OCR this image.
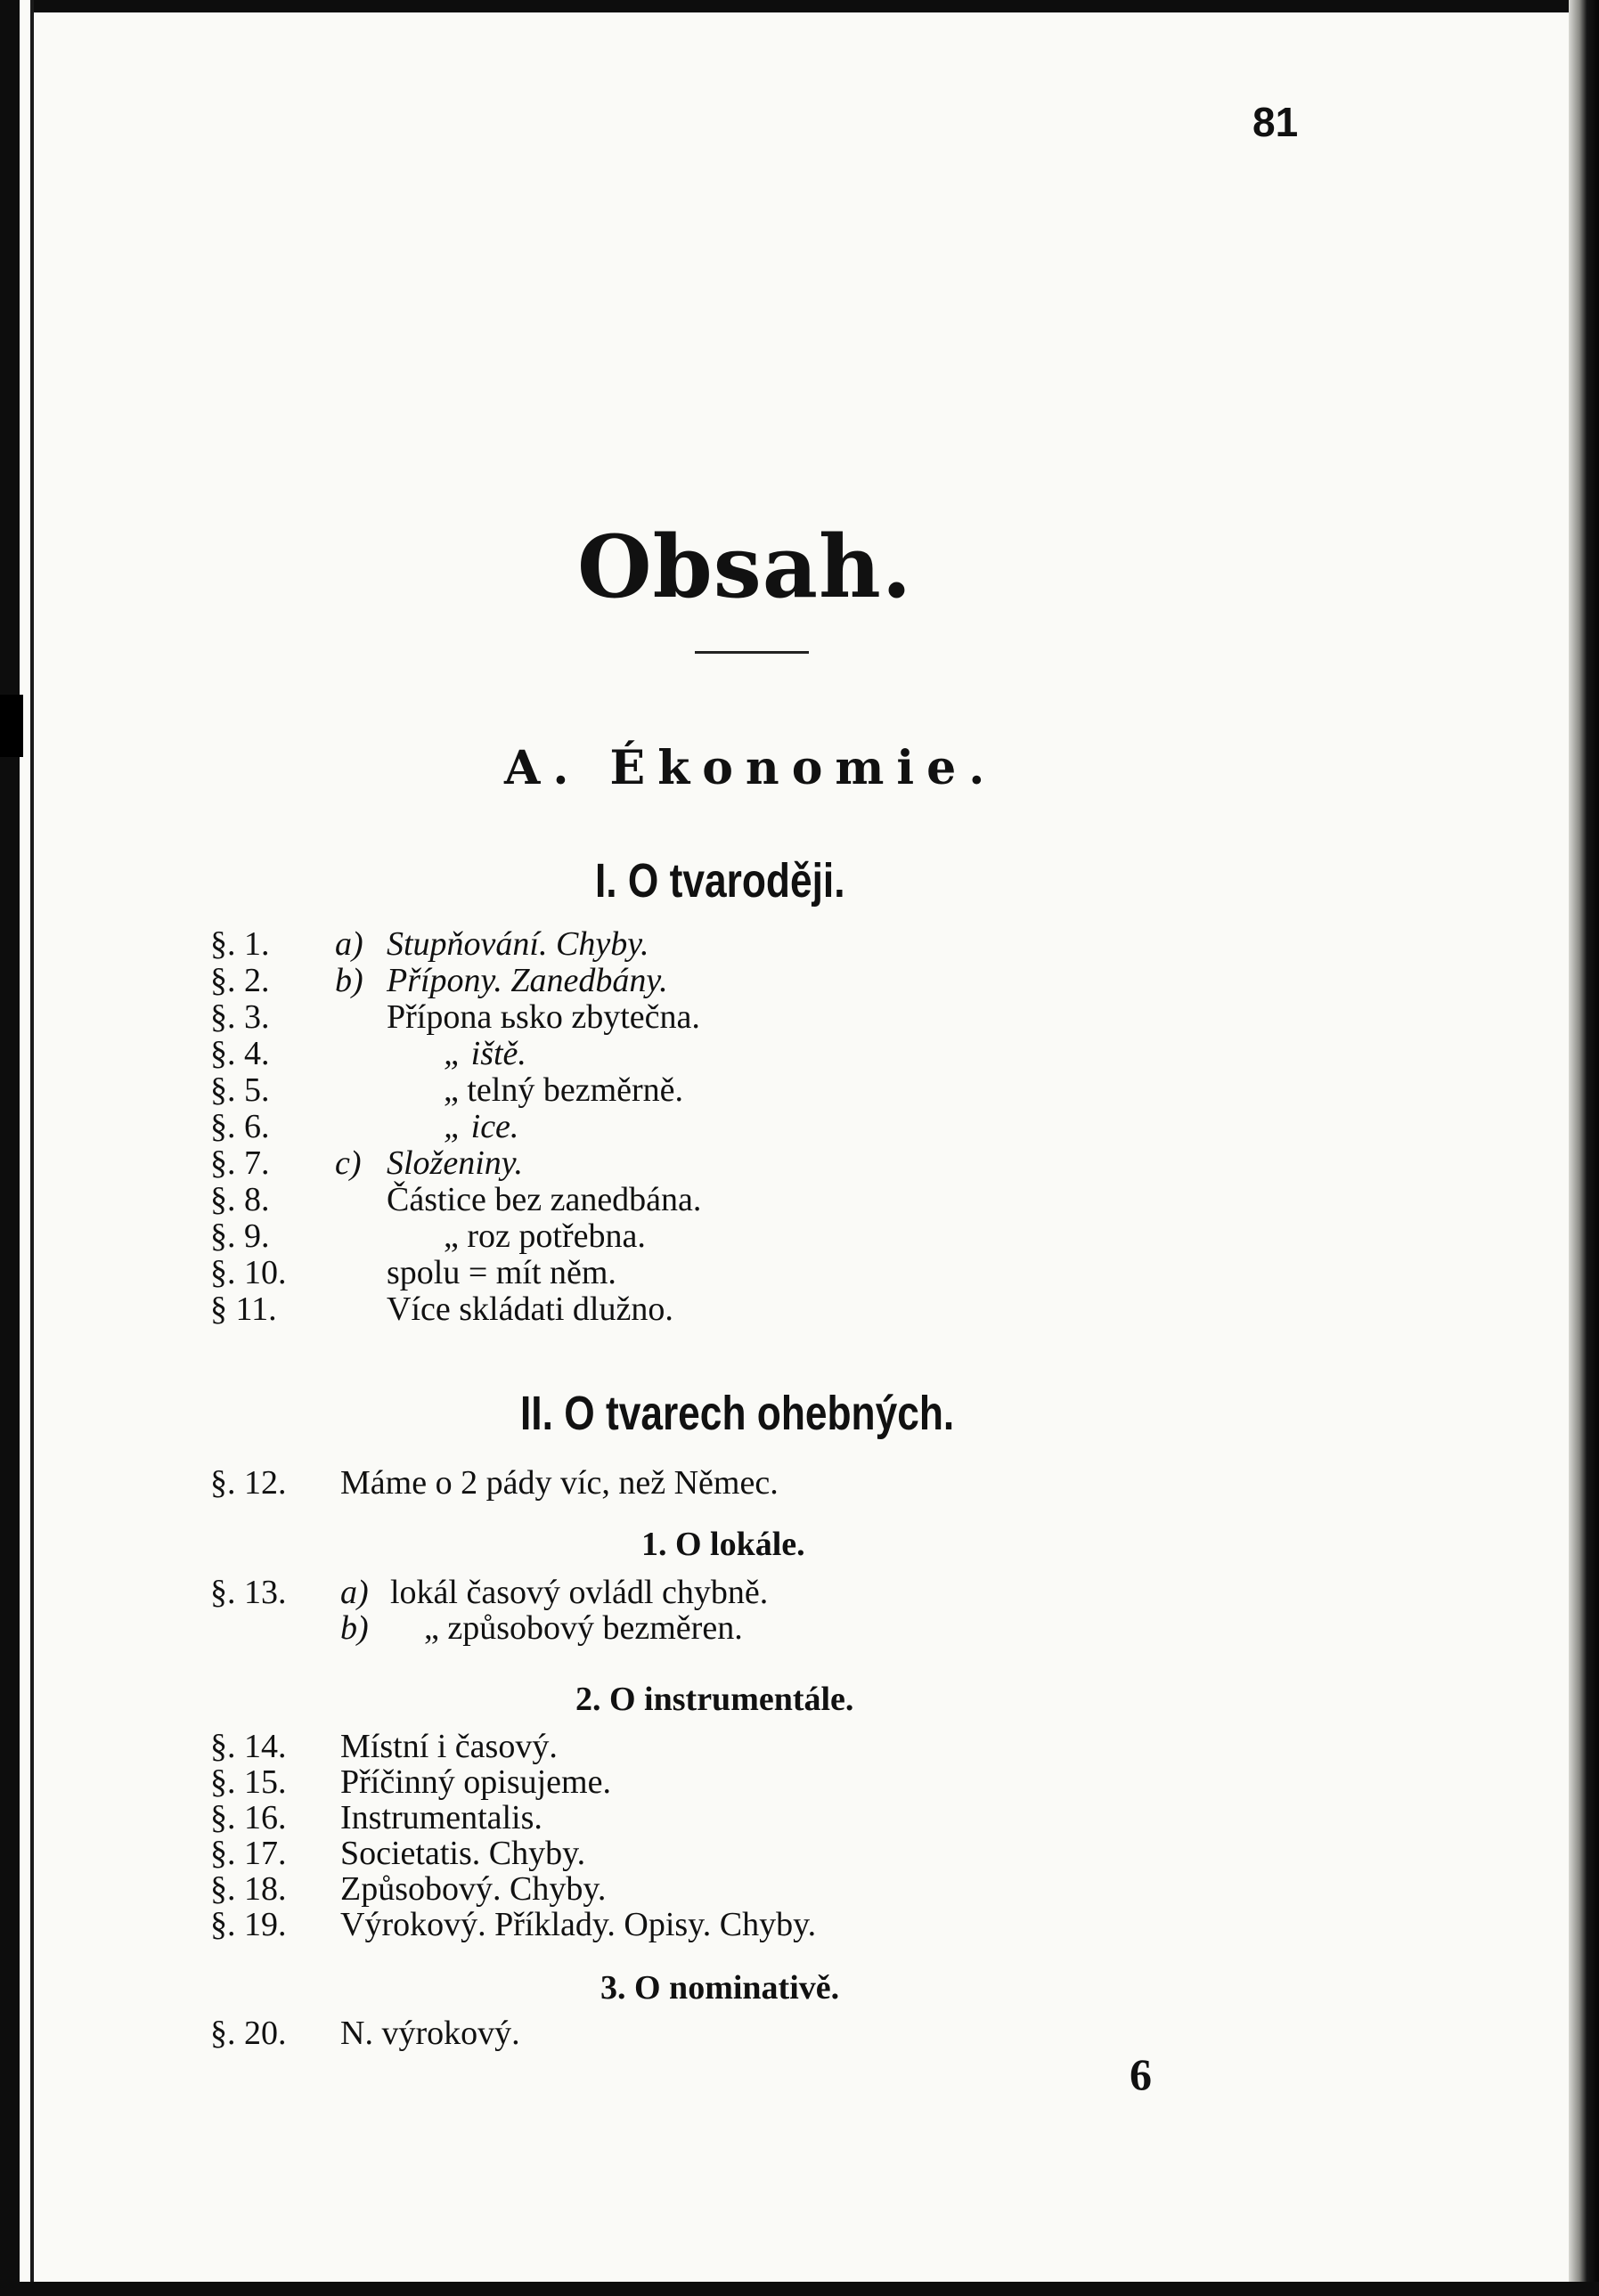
81
Obsah.
A. Ékonomie.
I. O tvaroději.
§. 1. a) Stupňování. Chyby.
§. 2. b) Přípony. Zanedbány.
§. 3.	Přípona ьsko zbytečna.
§. 4.	„ iště.
§. 5.	„ telný bezměrně.
§. 6.	„ ice.
§. 7. c) Složeniny.
§. 8.	Částice bez zanedbána.
§. 9.	„ roz potřebna.
§. 10.	spolu = mít něm.
§ 11.	Více skládati dlužno.
II. O tvarech ohebných.
§. 12. Máme o 2 pády víc, než Němec.
1. O lokále.
§. 13. a) lokál časový ovládl chybně.
b) „ způsobový bezměren.
2. O instrumentále.
§. 14. Místní i časový.
§. 15. Příčinný opisujeme.
§. 16. Instrumentalis.
§. 17. Societatis. Chyby.
§. 18. Způsobový. Chyby.
§. 19. Výrokový. Příklady. Opisy. Chyby.
3. O nominativě.
§. 20. N. výrokový.
6
